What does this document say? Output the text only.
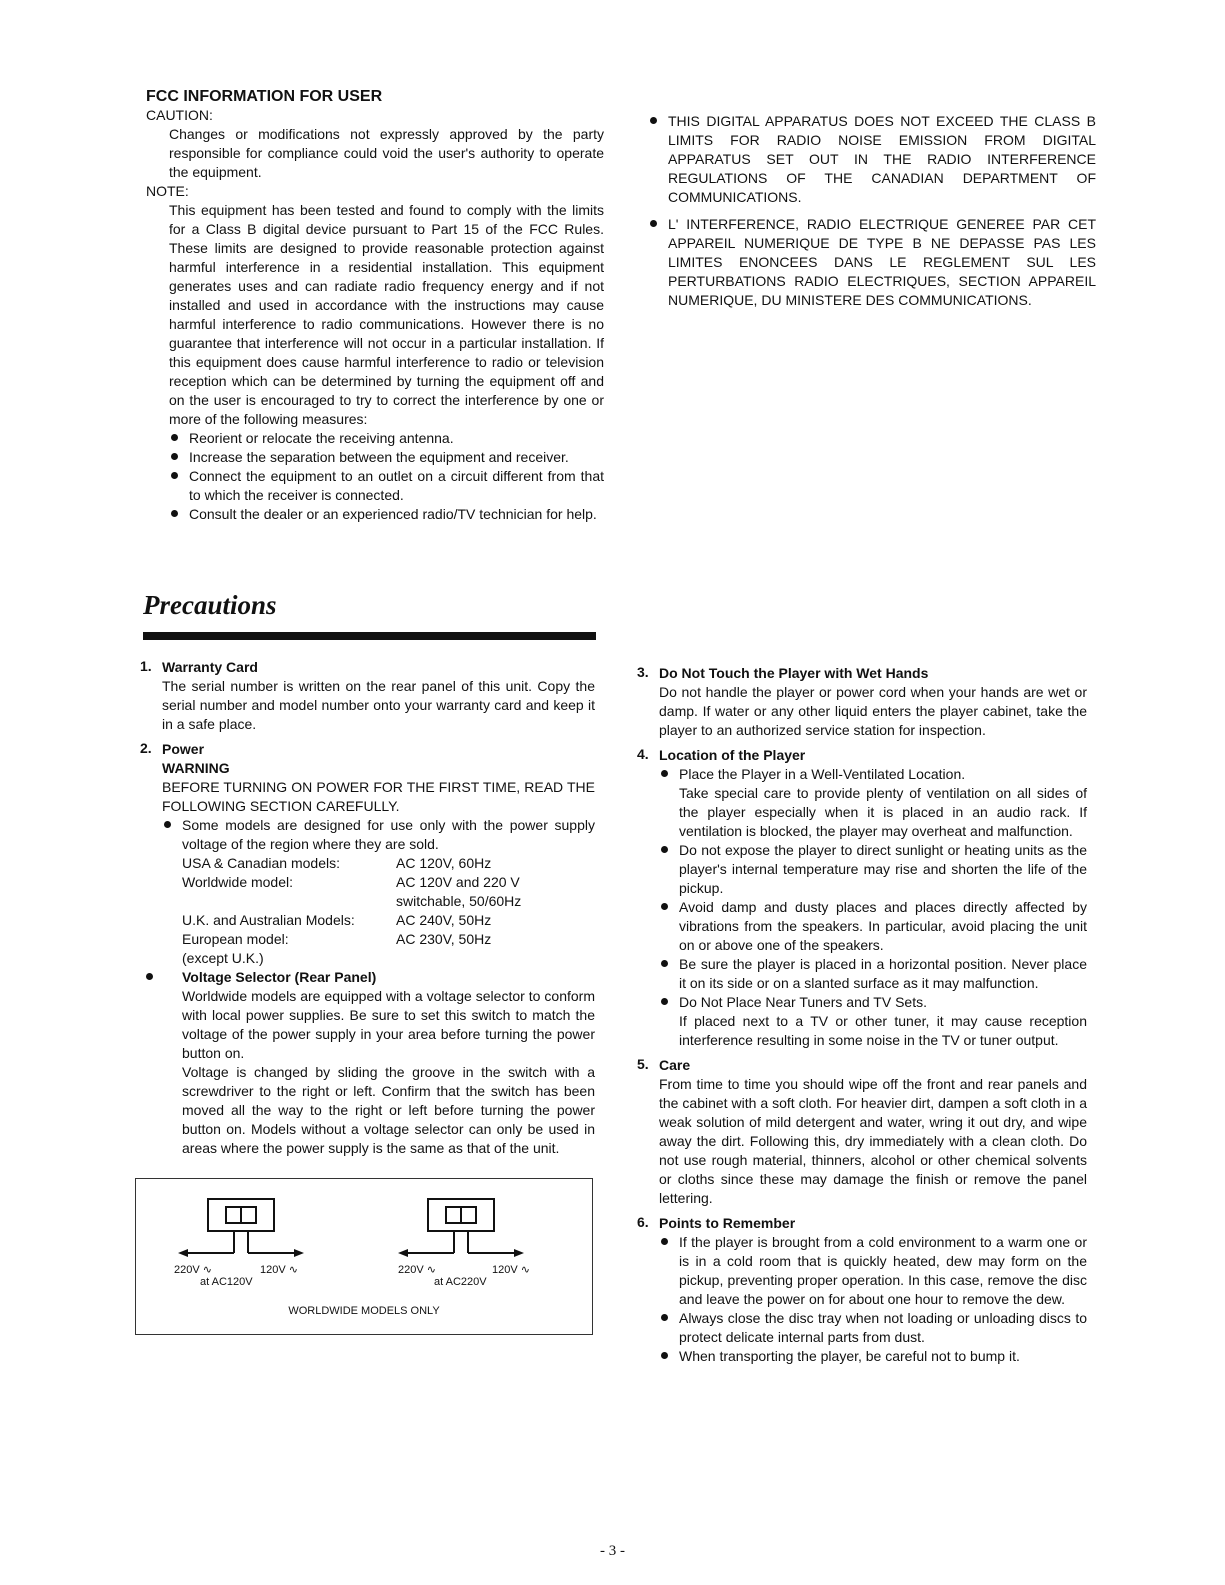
FCC INFORMATION FOR USER
CAUTION:
Changes or modifications not expressly approved by the party responsible for compliance could void the user's authority to operate the equipment.
NOTE:
This equipment has been tested and found to comply with the limits for a Class B digital device pursuant to Part 15 of the FCC Rules. These limits are designed to provide reasonable protection against harmful interference in a residential installation. This equipment generates uses and can radiate radio frequency energy and if not installed and used in accordance with the instructions may cause harmful interference to radio communications. However there is no guarantee that interference will not occur in a particular installation. If this equipment does cause harmful interference to radio or television reception which can be determined by turning the equipment off and on the user is encouraged to try to correct the interference by one or more of the following measures:
Reorient or relocate the receiving antenna.
Increase the separation between the equipment and receiver.
Connect the equipment to an outlet on a circuit different from that to which the receiver is connected.
Consult the dealer or an experienced radio/TV technician for help.
THIS DIGITAL APPARATUS DOES NOT EXCEED THE CLASS B LIMITS FOR RADIO NOISE EMISSION FROM DIGITAL APPARATUS SET OUT IN THE RADIO INTERFERENCE REGULATIONS OF THE CANADIAN DEPARTMENT OF COMMUNICATIONS.
L' INTERFERENCE, RADIO ELECTRIQUE GENEREE PAR CET APPAREIL NUMERIQUE DE TYPE B NE DEPASSE PAS LES LIMITES ENONCEES DANS LE REGLEMENT SUL LES PERTURBATIONS RADIO ELECTRIQUES, SECTION APPAREIL NUMERIQUE, DU MINISTERE DES COMMUNICATIONS.
Precautions
1. Warranty Card
The serial number is written on the rear panel of this unit. Copy the serial number and model number onto your warranty card and keep it in a safe place.
2. Power
WARNING
BEFORE TURNING ON POWER FOR THE FIRST TIME, READ THE FOLLOWING SECTION CAREFULLY.
Some models are designed for use only with the power supply voltage of the region where they are sold.
USA & Canadian models:	AC 120V, 60Hz
Worldwide model:	AC 120V and 220 V
switchable, 50/60Hz
U.K. and Australian Models:	AC 240V, 50Hz
European model:	AC 230V, 50Hz
(except U.K.)
Voltage Selector (Rear Panel)
Worldwide models are equipped with a voltage selector to conform with local power supplies. Be sure to set this switch to match the voltage of the power supply in your area before turning the power button on.
Voltage is changed by sliding the groove in the switch with a screwdriver to the right or left. Confirm that the switch has been moved all the way to the right or left before turning the power button on. Models without a voltage selector can only be used in areas where the power supply is the same as that of the unit.
220V ∿	120V ∿
at AC120V
220V ∿	120V ∿
at AC220V
WORLDWIDE MODELS ONLY
3. Do Not Touch the Player with Wet Hands
Do not handle the player or power cord when your hands are wet or damp. If water or any other liquid enters the player cabinet, take the player to an authorized service station for inspection.
4. Location of the Player
Place the Player in a Well-Ventilated Location.
Take special care to provide plenty of ventilation on all sides of the player especially when it is placed in an audio rack. If ventilation is blocked, the player may overheat and malfunction.
Do not expose the player to direct sunlight or heating units as the player's internal temperature may rise and shorten the life of the pickup.
Avoid damp and dusty places and places directly affected by vibrations from the speakers. In particular, avoid placing the unit on or above one of the speakers.
Be sure the player is placed in a horizontal position. Never place it on its side or on a slanted surface as it may malfunction.
Do Not Place Near Tuners and TV Sets.
If placed next to a TV or other tuner, it may cause reception interference resulting in some noise in the TV or tuner output.
5. Care
From time to time you should wipe off the front and rear panels and the cabinet with a soft cloth. For heavier dirt, dampen a soft cloth in a weak solution of mild detergent and water, wring it out dry, and wipe away the dirt. Following this, dry immediately with a clean cloth. Do not use rough material, thinners, alcohol or other chemical solvents or cloths since these may damage the finish or remove the panel lettering.
6. Points to Remember
If the player is brought from a cold environment to a warm one or is in a cold room that is quickly heated, dew may form on the pickup, preventing proper operation. In this case, remove the disc and leave the power on for about one hour to remove the dew.
Always close the disc tray when not loading or unloading discs to protect delicate internal parts from dust.
When transporting the player, be careful not to bump it.
- 3 -
